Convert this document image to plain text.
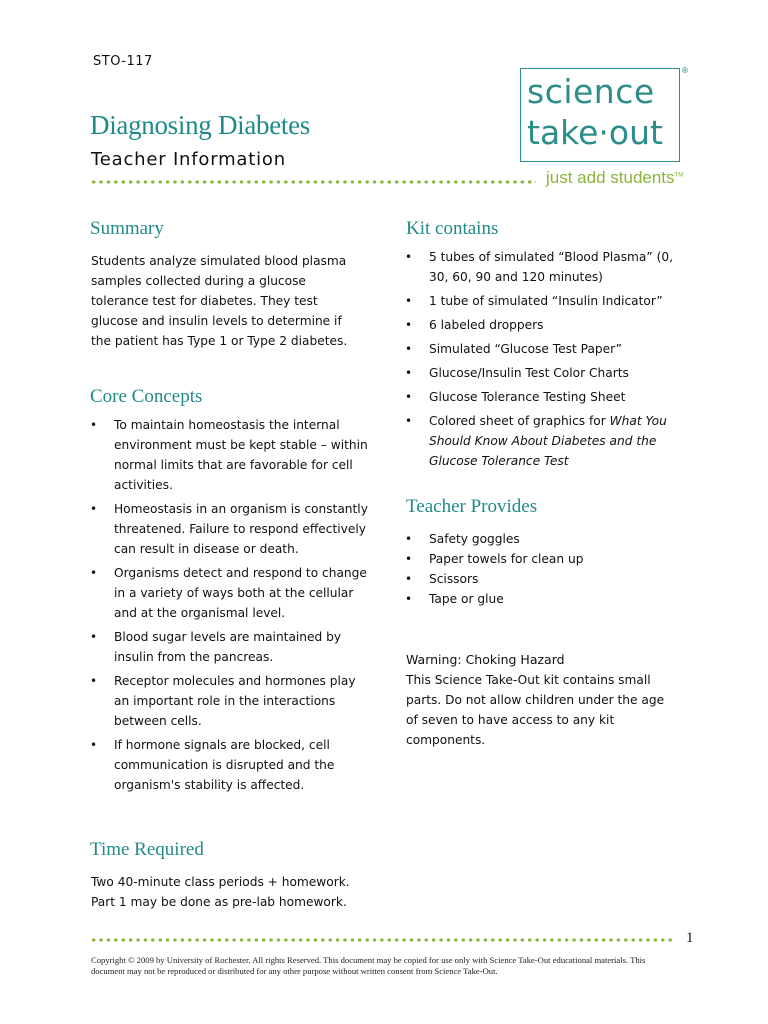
STO-117
Diagnosing Diabetes
Teacher Information
science
take·out
®
just add students™
Summary
Students analyze simulated blood plasma samples collected during a glucose tolerance test for diabetes. They test glucose and insulin levels to determine if the patient has Type 1 or Type 2 diabetes.
Core Concepts
• To maintain homeostasis the internal environment must be kept stable – within normal limits that are favorable for cell activities.
• Homeostasis in an organism is constantly threatened. Failure to respond effectively can result in disease or death.
• Organisms detect and respond to change in a variety of ways both at the cellular and at the organismal level.
• Blood sugar levels are maintained by insulin from the pancreas.
• Receptor molecules and hormones play an important role in the interactions between cells.
• If hormone signals are blocked, cell communication is disrupted and the organism's stability is affected.
Time Required
Two 40-minute class periods + homework.
Part 1 may be done as pre-lab homework.
Kit contains
• 5 tubes of simulated “Blood Plasma” (0, 30, 60, 90 and 120 minutes)
• 1 tube of simulated “Insulin Indicator”
• 6 labeled droppers
• Simulated “Glucose Test Paper”
• Glucose/Insulin Test Color Charts
• Glucose Tolerance Testing Sheet
• Colored sheet of graphics for What You Should Know About Diabetes and the Glucose Tolerance Test
Teacher Provides
• Safety goggles
• Paper towels for clean up
• Scissors
• Tape or glue
Warning: Choking Hazard
This Science Take-Out kit contains small parts. Do not allow children under the age of seven to have access to any kit components.
1
Copyright © 2009 by University of Rochester. All rights Reserved. This document may be copied for use only with Science Take-Out educational materials. This document may not be reproduced or distributed for any other purpose without written consent from Science Take-Out.
